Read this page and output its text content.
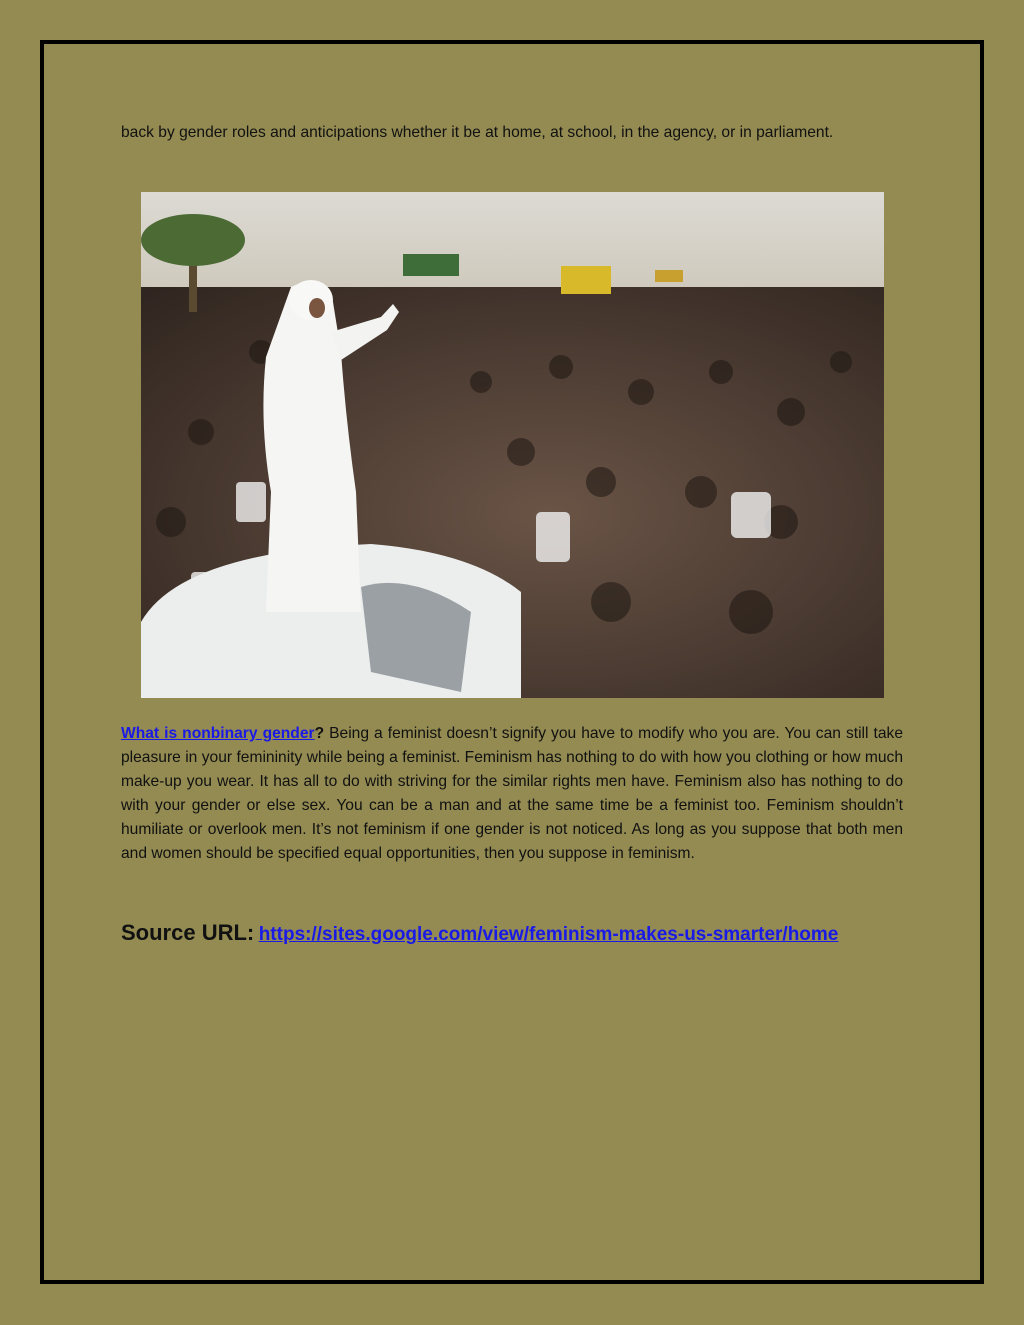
back by gender roles and anticipations whether it be at home, at school, in the agency, or in parliament.

What is nonbinary gender? Being a feminist doesn’t signify you have to modify who you are. You can still take pleasure in your femininity while being a feminist. Feminism has nothing to do with how you clothing or how much make-up you wear. It has all to do with striving for the similar rights men have. Feminism also has nothing to do with your gender or else sex. You can be a man and at the same time be a feminist too. Feminism shouldn’t humiliate or overlook men. It’s not feminism if one gender is not noticed. As long as you suppose that both men and women should be specified equal opportunities, then you suppose in feminism.

Source URL: https://sites.google.com/view/feminism-makes-us-smarter/home
